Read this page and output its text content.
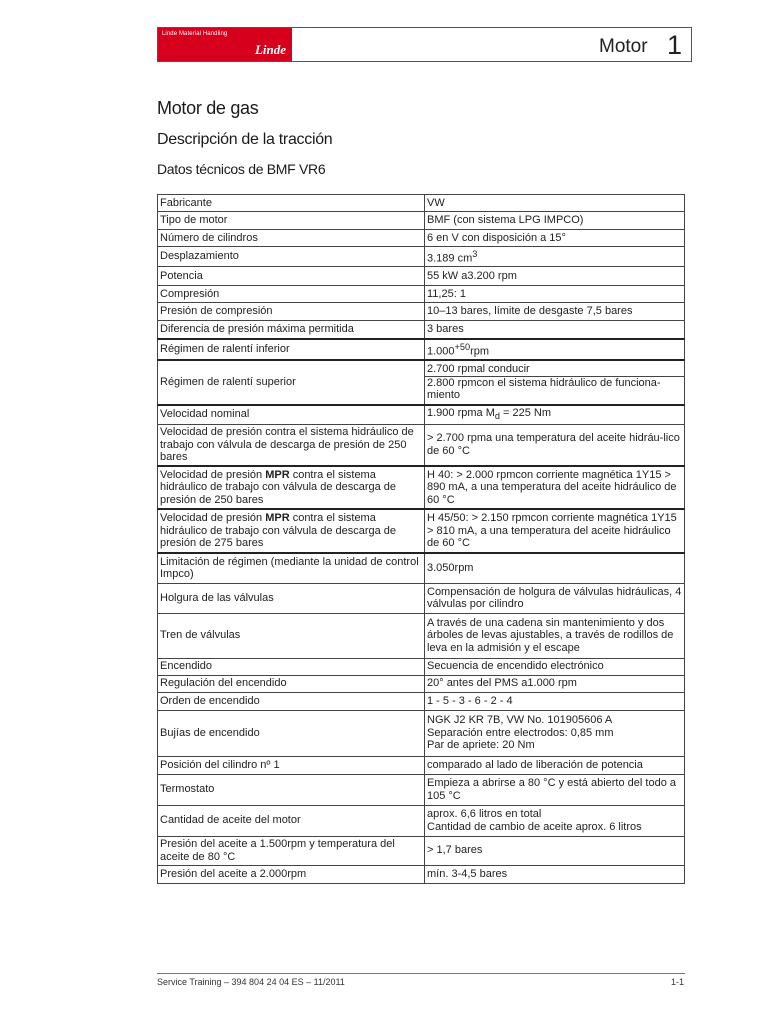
Linde Material Handling
Linde	Motor 1
Motor de gas
Descripción de la tracción
Datos técnicos de BMF VR6
Fabricante	VW
Tipo de motor	BMF (con sistema LPG IMPCO)
Número de cilindros	6 en V con disposición a 15°
Desplazamiento	3.189 $cm^3$
Potencia	55 kW a3.200 rpm
Compresión	11,25: 1
Presión de compresión	10–13 bares, límite de desgaste 7,5 bares
Diferencia de presión máxima permitida	3 bares
Régimen de ralentí inferior	$1.000^{+50}rpm$
Régimen de ralentí superior	2.700 rpmal conducir
2.800 rpmcon el sistema hidráulico de funciona-miento

Velocidad nominal	1.900 rpma $M_d = 225$ Nm
Velocidad de presión contra el sistema hidráulico de trabajo con válvula de descarga de presión de 250 bares	> 2.700 rpma una temperatura del aceite hidráu-lico de 60 °C
Velocidad de presión MPR contra el sistema hidráulico de trabajo con válvula de descarga de presión de 250 bares	H 40: > 2.000 rpmcon corriente magnética 1Y15 > 890 mA, a una temperatura del aceite hidráulico de 60 °C
Velocidad de presión MPR contra el sistema hidráulico de trabajo con válvula de descarga de presión de 275 bares	H 45/50: > 2.150 rpmcon corriente magnética 1Y15 > 810 mA, a una temperatura del aceite hidráulico de 60 °C
Limitación de régimen (mediante la unidad de control Impco)	3.050rpm
Holgura de las válvulas	Compensación de holgura de válvulas hidráulicas, 4 válvulas por cilindro
Tren de válvulas	A través de una cadena sin mantenimiento y dos árboles de levas ajustables, a través de rodillos de leva en la admisión y el escape
Encendido	Secuencia de encendido electrónico
Regulación del encendido	20° antes del PMS a1.000 rpm
Orden de encendido	1 - 5 - 3 - 6 - 2 - 4
Bujías de encendido	NGK J2 KR 7B, VW No. 101905606 A
Separación entre electrodos: 0,85 mm
Par de apriete: 20 Nm

Posición del cilindro nº 1	comparado al lado de liberación de potencia
Termostato	Empieza a abrirse a 80 °C y está abierto del todo a 105 °C
Cantidad de aceite del motor	aprox. 6,6 litros en total
Cantidad de cambio de aceite aprox. 6 litros

Presión del aceite a 1.500rpm y temperatura del aceite de 80 °C	> 1,7 bares
Presión del aceite a 2.000rpm	mín. 3-4,5 bares
Service Training – 394 804 24 04 ES – 11/2011	1-1
